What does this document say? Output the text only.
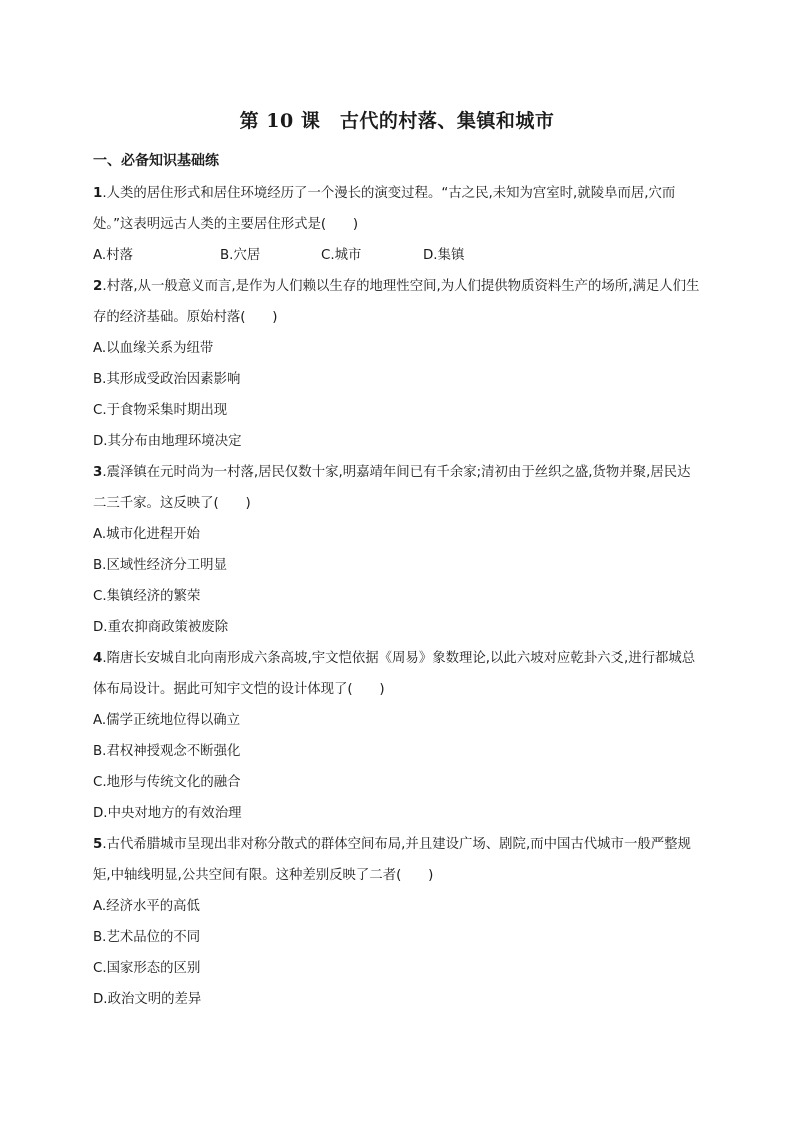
第 10 课　古代的村落、集镇和城市
一、必备知识基础练

1.人类的居住形式和居住环境经历了一个漫长的演变过程。“古之民,未知为宫室时,就陵阜而居,穴而处。”这表明远古人类的主要居住形式是(　　)

A.村落	B.穴居	C.城市	D.集镇

2.村落,从一般意义而言,是作为人们赖以生存的地理性空间,为人们提供物质资料生产的场所,满足人们生存的经济基础。原始村落(　　)

A.以血缘关系为纽带

B.其形成受政治因素影响

C.于食物采集时期出现

D.其分布由地理环境决定

3.震泽镇在元时尚为一村落,居民仅数十家,明嘉靖年间已有千余家;清初由于丝织之盛,货物并聚,居民达二三千家。这反映了(　　)

A.城市化进程开始

B.区域性经济分工明显

C.集镇经济的繁荣

D.重农抑商政策被废除

4.隋唐长安城自北向南形成六条高坡,宇文恺依据《周易》象数理论,以此六坡对应乾卦六爻,进行都城总体布局设计。据此可知宇文恺的设计体现了(　　)

A.儒学正统地位得以确立

B.君权神授观念不断强化

C.地形与传统文化的融合

D.中央对地方的有效治理

5.古代希腊城市呈现出非对称分散式的群体空间布局,并且建设广场、剧院,而中国古代城市一般严整规矩,中轴线明显,公共空间有限。这种差别反映了二者(　　)

A.经济水平的高低

B.艺术品位的不同

C.国家形态的区别

D.政治文明的差异
